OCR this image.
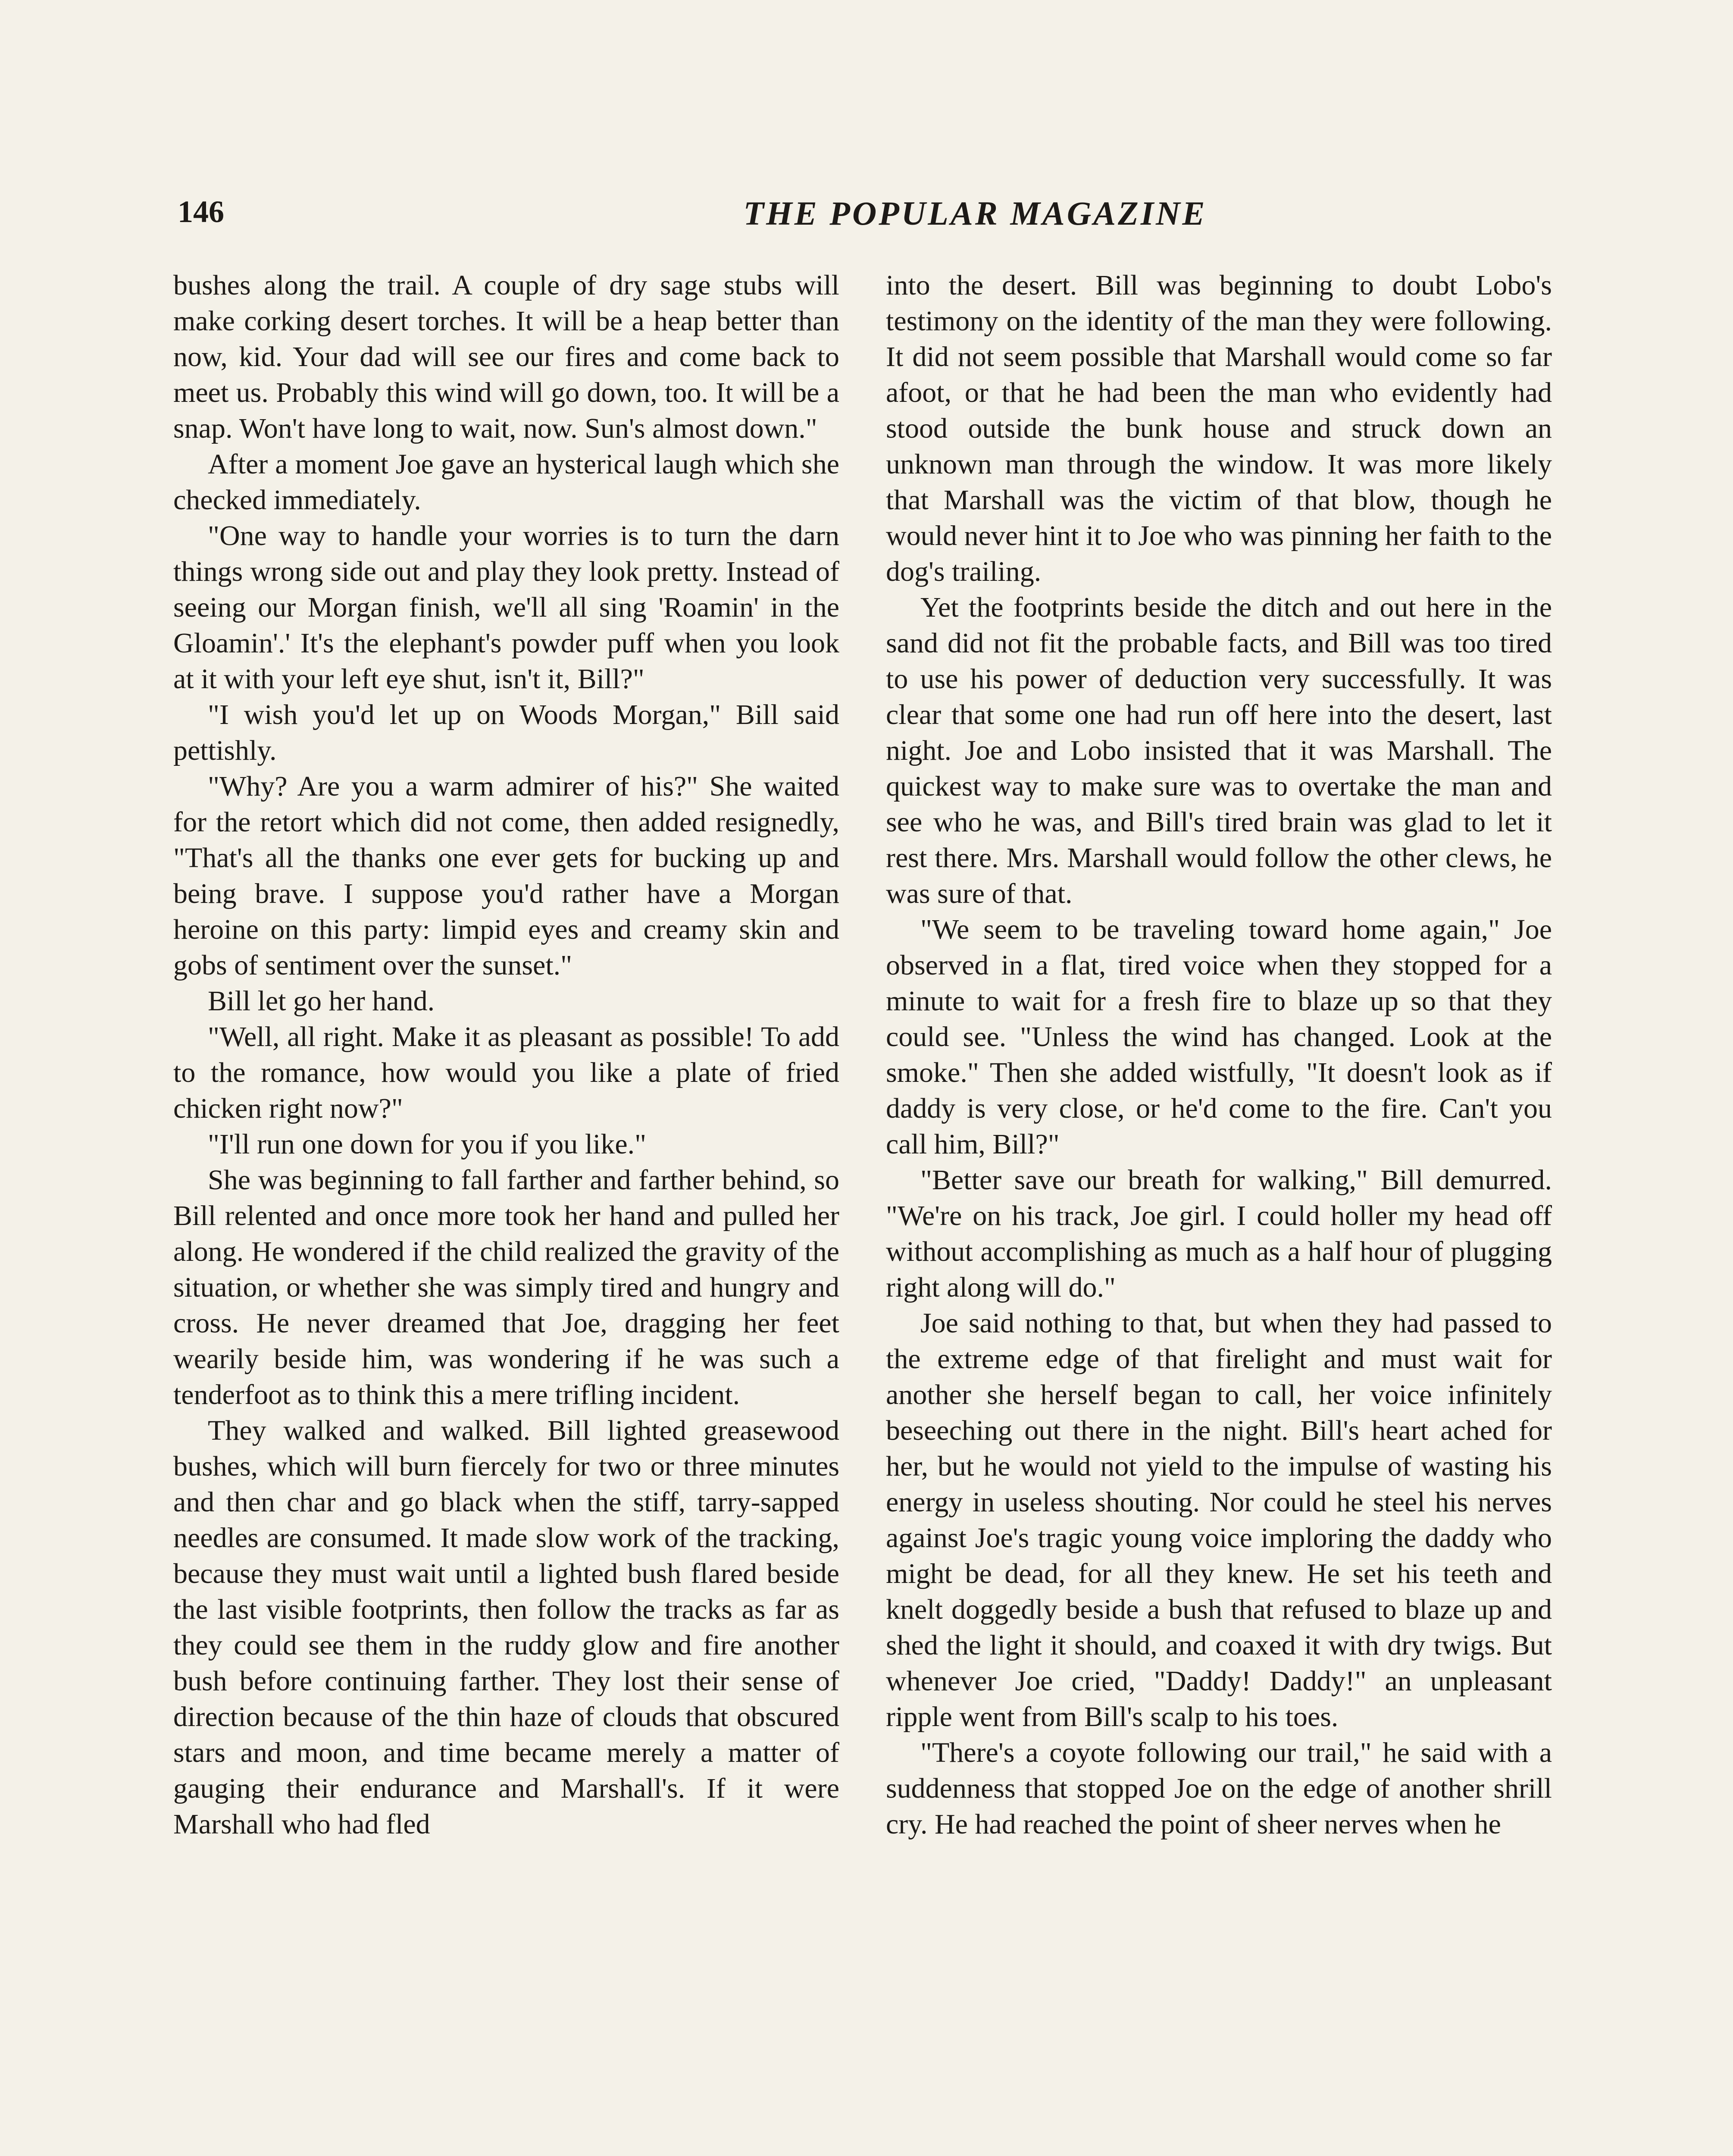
146	THE POPULAR MAGAZINE

bushes along the trail. A couple of dry sage stubs will make corking desert torches. It will be a heap better than now, kid. Your dad will see our fires and come back to meet us. Probably this wind will go down, too. It will be a snap. Won't have long to wait, now. Sun's almost down."

After a moment Joe gave an hysterical laugh which she checked immediately.

"One way to handle your worries is to turn the darn things wrong side out and play they look pretty. Instead of seeing our Morgan finish, we'll all sing 'Roamin' in the Gloamin'.' It's the elephant's powder puff when you look at it with your left eye shut, isn't it, Bill?"

"I wish you'd let up on Woods Morgan," Bill said pettishly.

"Why? Are you a warm admirer of his?" She waited for the retort which did not come, then added resignedly, "That's all the thanks one ever gets for bucking up and being brave. I suppose you'd rather have a Morgan heroine on this party: limpid eyes and creamy skin and gobs of sentiment over the sunset."

Bill let go her hand.

"Well, all right. Make it as pleasant as possible! To add to the romance, how would you like a plate of fried chicken right now?"

"I'll run one down for you if you like."

She was beginning to fall farther and farther behind, so Bill relented and once more took her hand and pulled her along. He wondered if the child realized the gravity of the situation, or whether she was simply tired and hungry and cross. He never dreamed that Joe, dragging her feet wearily beside him, was wondering if he was such a tenderfoot as to think this a mere trifling incident.

They walked and walked. Bill lighted greasewood bushes, which will burn fiercely for two or three minutes and then char and go black when the stiff, tarry-sapped needles are consumed. It made slow work of the tracking, because they must wait until a lighted bush flared beside the last visible footprints, then follow the tracks as far as they could see them in the ruddy glow and fire another bush before continuing farther. They lost their sense of direction because of the thin haze of clouds that obscured stars and moon, and time became merely a matter of gauging their endurance and Marshall's. If it were Marshall who had fled

into the desert. Bill was beginning to doubt Lobo's testimony on the identity of the man they were following. It did not seem possible that Marshall would come so far afoot, or that he had been the man who evidently had stood outside the bunk house and struck down an unknown man through the window. It was more likely that Marshall was the victim of that blow, though he would never hint it to Joe who was pinning her faith to the dog's trailing.

Yet the footprints beside the ditch and out here in the sand did not fit the probable facts, and Bill was too tired to use his power of deduction very successfully. It was clear that some one had run off here into the desert, last night. Joe and Lobo insisted that it was Marshall. The quickest way to make sure was to overtake the man and see who he was, and Bill's tired brain was glad to let it rest there. Mrs. Marshall would follow the other clews, he was sure of that.

"We seem to be traveling toward home again," Joe observed in a flat, tired voice when they stopped for a minute to wait for a fresh fire to blaze up so that they could see. "Unless the wind has changed. Look at the smoke." Then she added wistfully, "It doesn't look as if daddy is very close, or he'd come to the fire. Can't you call him, Bill?"

"Better save our breath for walking," Bill demurred. "We're on his track, Joe girl. I could holler my head off without accomplishing as much as a half hour of plugging right along will do."

Joe said nothing to that, but when they had passed to the extreme edge of that firelight and must wait for another she herself began to call, her voice infinitely beseeching out there in the night. Bill's heart ached for her, but he would not yield to the impulse of wasting his energy in useless shouting. Nor could he steel his nerves against Joe's tragic young voice imploring the daddy who might be dead, for all they knew. He set his teeth and knelt doggedly beside a bush that refused to blaze up and shed the light it should, and coaxed it with dry twigs. But whenever Joe cried, "Daddy! Daddy!" an unpleasant ripple went from Bill's scalp to his toes.

"There's a coyote following our trail," he said with a suddenness that stopped Joe on the edge of another shrill cry. He had reached the point of sheer nerves when he
